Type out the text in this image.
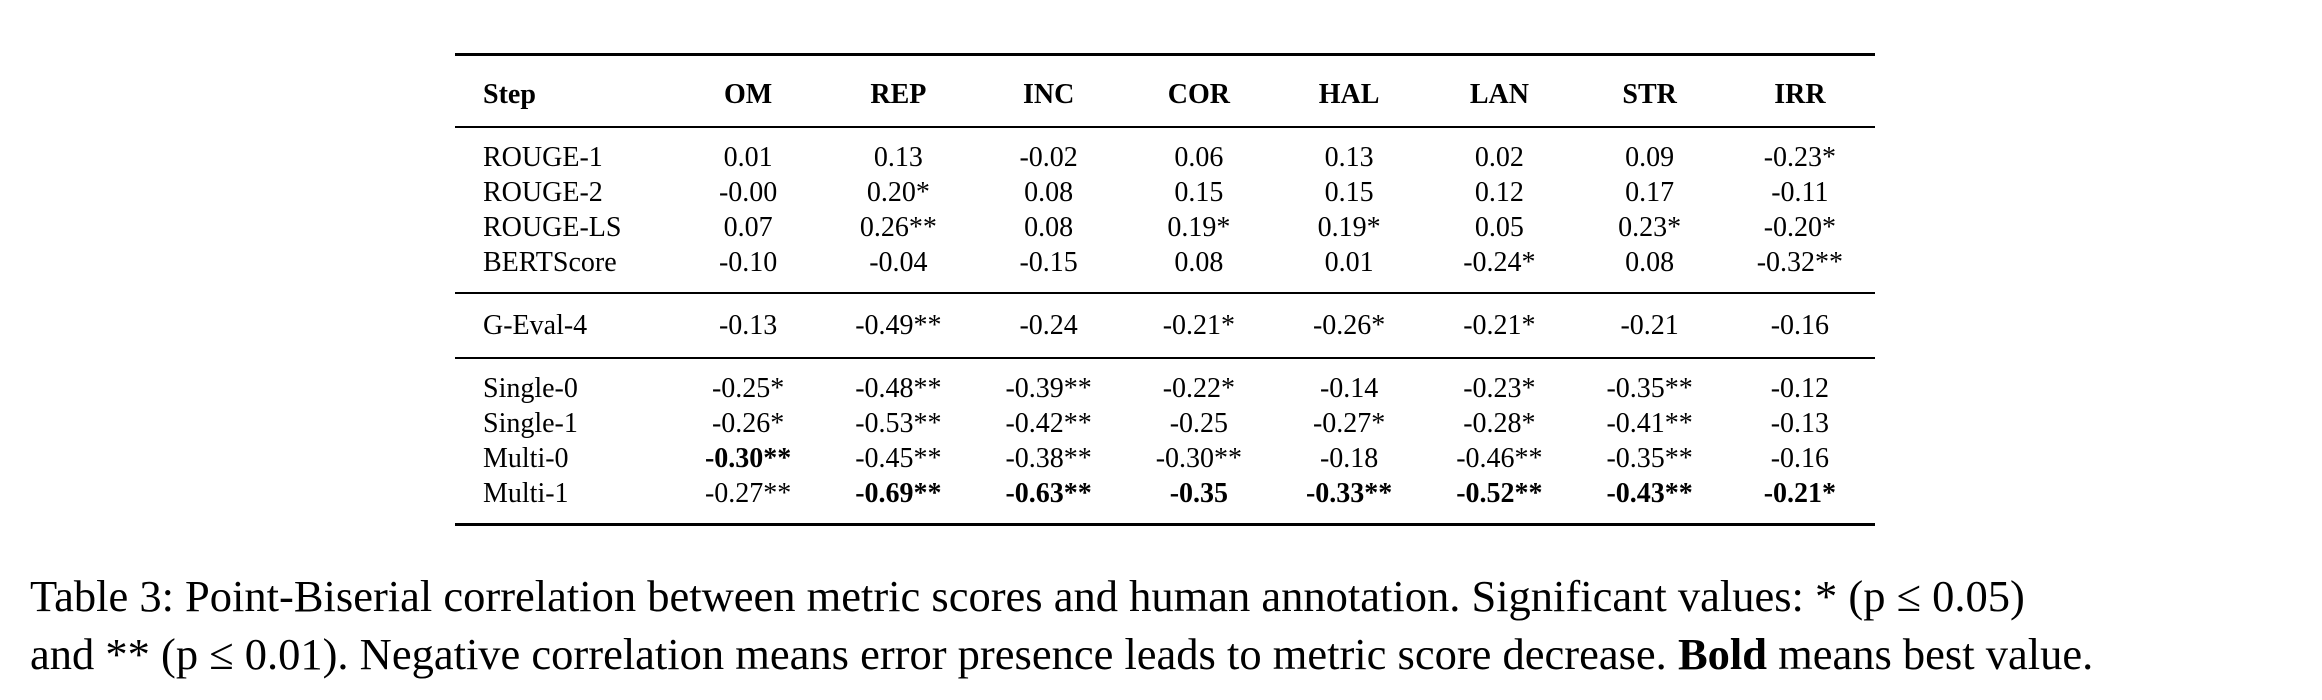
Step	OM	REP	INC	COR	HAL	LAN	STR	IRR
ROUGE-1	0.01	0.13	-0.02	0.06	0.13	0.02	0.09	-0.23*
ROUGE-2	-0.00	0.20*	0.08	0.15	0.15	0.12	0.17	-0.11
ROUGE-LS	0.07	0.26**	0.08	0.19*	0.19*	0.05	0.23*	-0.20*
BERTScore	-0.10	-0.04	-0.15	0.08	0.01	-0.24*	0.08	-0.32**
G-Eval-4	-0.13	-0.49**	-0.24	-0.21*	-0.26*	-0.21*	-0.21	-0.16
Single-0	-0.25*	-0.48**	-0.39**	-0.22*	-0.14	-0.23*	-0.35**	-0.12
Single-1	-0.26*	-0.53**	-0.42**	-0.25	-0.27*	-0.28*	-0.41**	-0.13
Multi-0	-0.30**	-0.45**	-0.38**	-0.30**	-0.18	-0.46**	-0.35**	-0.16
Multi-1	-0.27**	-0.69**	-0.63**	-0.35	-0.33**	-0.52**	-0.43**	-0.21*
Table 3: Point-Biserial correlation between metric scores and human annotation. Significant values: * (p ≤ 0.05)
and ** (p ≤ 0.01). Negative correlation means error presence leads to metric score decrease. Bold means best value.
